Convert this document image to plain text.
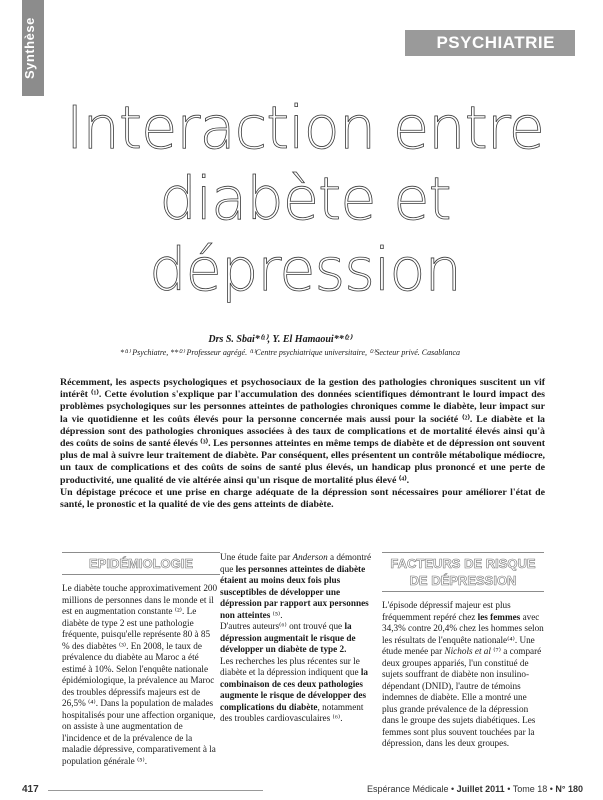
Synthèse	PSYCHIATRIE
Interaction entre
diabète et
dépression
Drs S. Sbai*⁽¹⁾, Y. El Hamaoui**⁽²⁾
*⁽¹⁾ Psychiatre, **⁽²⁾ Professeur agrégé. ⁽¹⁾Centre psychiatrique universitaire, ⁽²⁾Secteur privé. Casablanca

Récemment, les aspects psychologiques et psychosociaux de la gestion des pathologies chroniques suscitent un vif intérêt ⁽¹⁾. Cette évolution s'explique par l'accumulation des données scientifiques démontrant le lourd impact des problèmes psychologiques sur les personnes atteintes de pathologies chroniques comme le diabète, leur impact sur la vie quotidienne et les coûts élevés pour la personne concernée mais aussi pour la société ⁽²⁾. Le diabète et la dépression sont des pathologies chroniques associées à des taux de complications et de mortalité élevés ainsi qu'à des coûts de soins de santé élevés ⁽³⁾. Les personnes atteintes en même temps de diabète et de dépression ont souvent plus de mal à suivre leur traitement de diabète. Par conséquent, elles présentent un contrôle métabolique médiocre, un taux de complications et des coûts de soins de santé plus élevés, un handicap plus prononcé et une perte de productivité, une qualité de vie altérée ainsi qu'un risque de mortalité plus élevé ⁽⁴⁾.

Un dépistage précoce et une prise en charge adéquate de la dépression sont nécessaires pour améliorer l'état de santé, le pronostic et la qualité de vie des gens atteints de diabète.

EPIDÉMIOLOGIE

Le diabète touche approximativement 200 millions de personnes dans le monde et il est en augmentation constante ⁽²⁾. Le diabète de type 2 est une pathologie fréquente, puisqu'elle représente 80 à 85 % des diabètes ⁽³⁾. En 2008, le taux de prévalence du diabète au Maroc a été estimé à 10%. Selon l'enquête nationale épidémiologique, la prévalence au Maroc des troubles dépressifs majeurs est de 26,5% ⁽⁴⁾. Dans la population de malades hospitalisés pour une affection organique, on assiste à une augmentation de l'incidence et de la prévalence de la maladie dépressive, comparativement à la population générale ⁽⁵⁾.

Une étude faite par Anderson a démontré que les personnes atteintes de diabète étaient au moins deux fois plus susceptibles de développer une dépression par rapport aux personnes non atteintes ⁽⁵⁾.

D'autres auteurs⁽⁶⁾ ont trouvé que la dépression augmentait le risque de développer un diabète de type 2.

Les recherches les plus récentes sur le diabète et la dépression indiquent que la combinaison de ces deux pathologies augmente le risque de développer des complications du diabète, notamment des troubles cardiovasculaires ⁽⁶⁾.

FACTEURS DE RISQUE DE DÉPRESSION

L'épisode dépressif majeur est plus fréquemment repéré chez les femmes avec 34,3% contre 20,4% chez les hommes selon les résultats de l'enquête nationale⁽⁴⁾. Une étude menée par Nichols et al ⁽⁷⁾ a comparé deux groupes appariés, l'un constitué de sujets souffrant de diabète non insulino-dépendant (DNID), l'autre de témoins indemnes de diabète. Elle a montré une plus grande prévalence de la dépression dans le groupe des sujets diabétiques. Les femmes sont plus souvent touchées par la dépression, dans les deux groupes.

417	Espérance Médicale • Juillet 2011 • Tome 18 • N° 180
